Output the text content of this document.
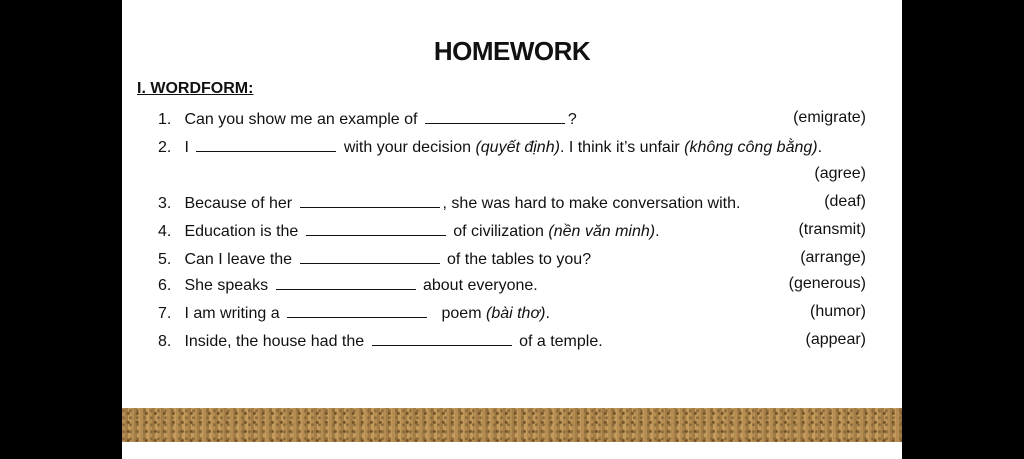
HOMEWORK
I. WORDFORM:
1. Can you show me an example of	?	(emigrate)
2. I	with your decision (quyết định). I think it’s unfair (không công bằng).
(agree)
3. Because of her	, she was hard to make conversation with.	(deaf)
4. Education is the	of civilization (nền văn minh).	(transmit)
5. Can I leave the	of the tables to you?	(arrange)
6. She speaks	about everyone.	(generous)
7. I am writing a	poem (bài thơ).	(humor)
8. Inside, the house had the	of a temple.	(appear)
